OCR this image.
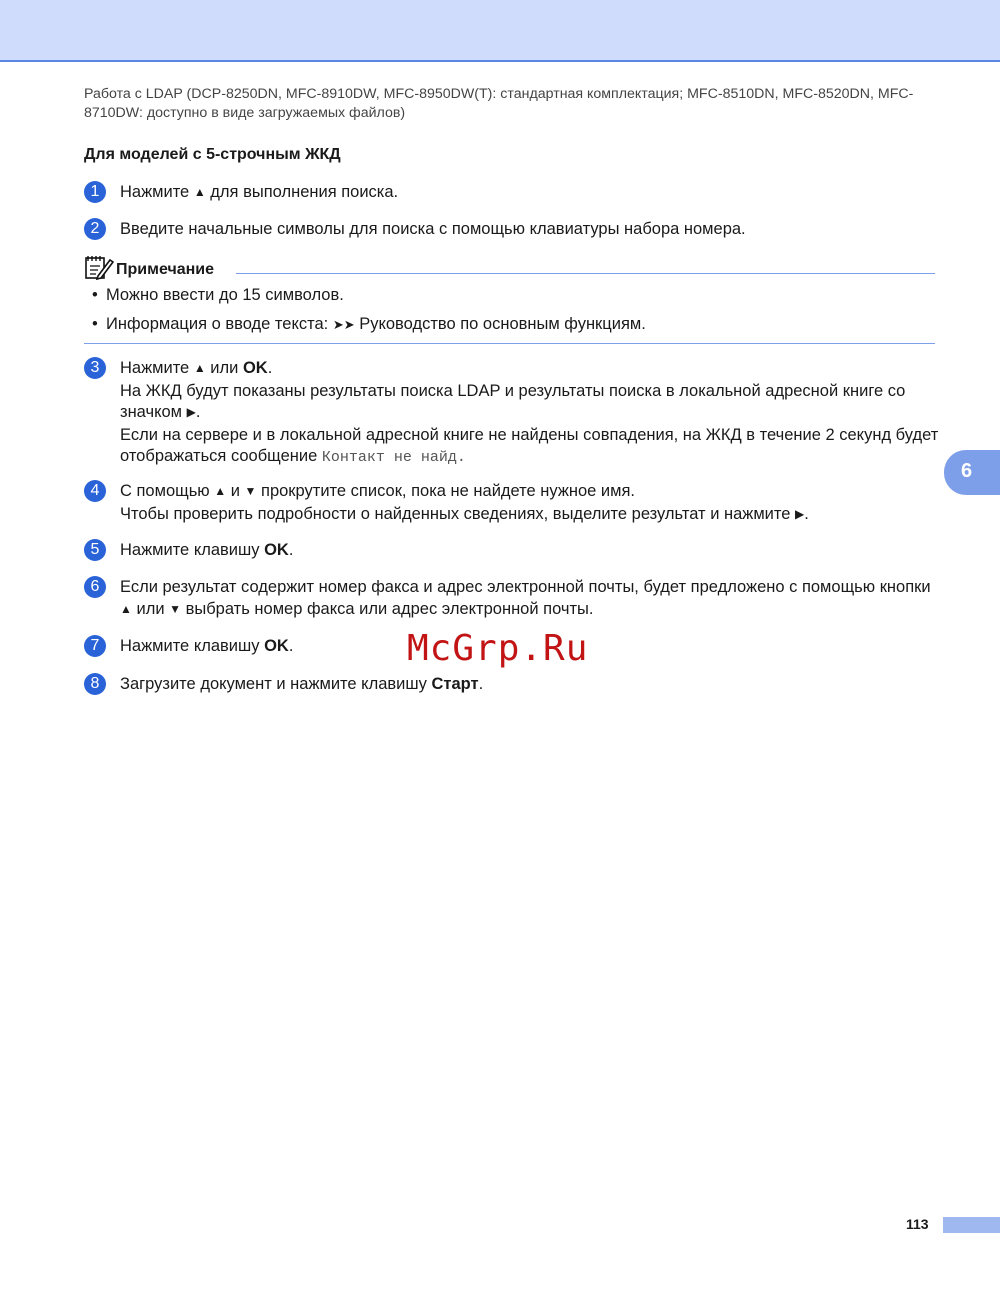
Работа с LDAP (DCP-8250DN, MFC-8910DW, MFC-8950DW(T): стандартная комплектация; MFC-8510DN, MFC-8520DN, MFC-8710DW: доступно в виде загружаемых файлов)
Для моделей с 5-строчным ЖКД
1	Нажмите ▲ для выполнения поиска.
2	Введите начальные символы для поиска с помощью клавиатуры набора номера.
Примечание
• Можно ввести до 15 символов.
• Информация о вводе текста: ➤➤ Руководство по основным функциям.
3	Нажмите ▲ или OK.
На ЖКД будут показаны результаты поиска LDAP и результаты поиска в локальной адресной книге со значком ▶.
Если на сервере и в локальной адресной книге не найдены совпадения, на ЖКД в течение 2 секунд будет отображаться сообщение Контакт не найд.
4	С помощью ▲ и ▼ прокрутите список, пока не найдете нужное имя.
Чтобы проверить подробности о найденных сведениях, выделите результат и нажмите ▶.
5	Нажмите клавишу OK.
6	Если результат содержит номер факса и адрес электронной почты, будет предложено с помощью кнопки ▲ или ▼ выбрать номер факса или адрес электронной почты.
7	Нажмите клавишу OK.
8	Загрузите документ и нажмите клавишу Старт.
McGrp.Ru
6
113
